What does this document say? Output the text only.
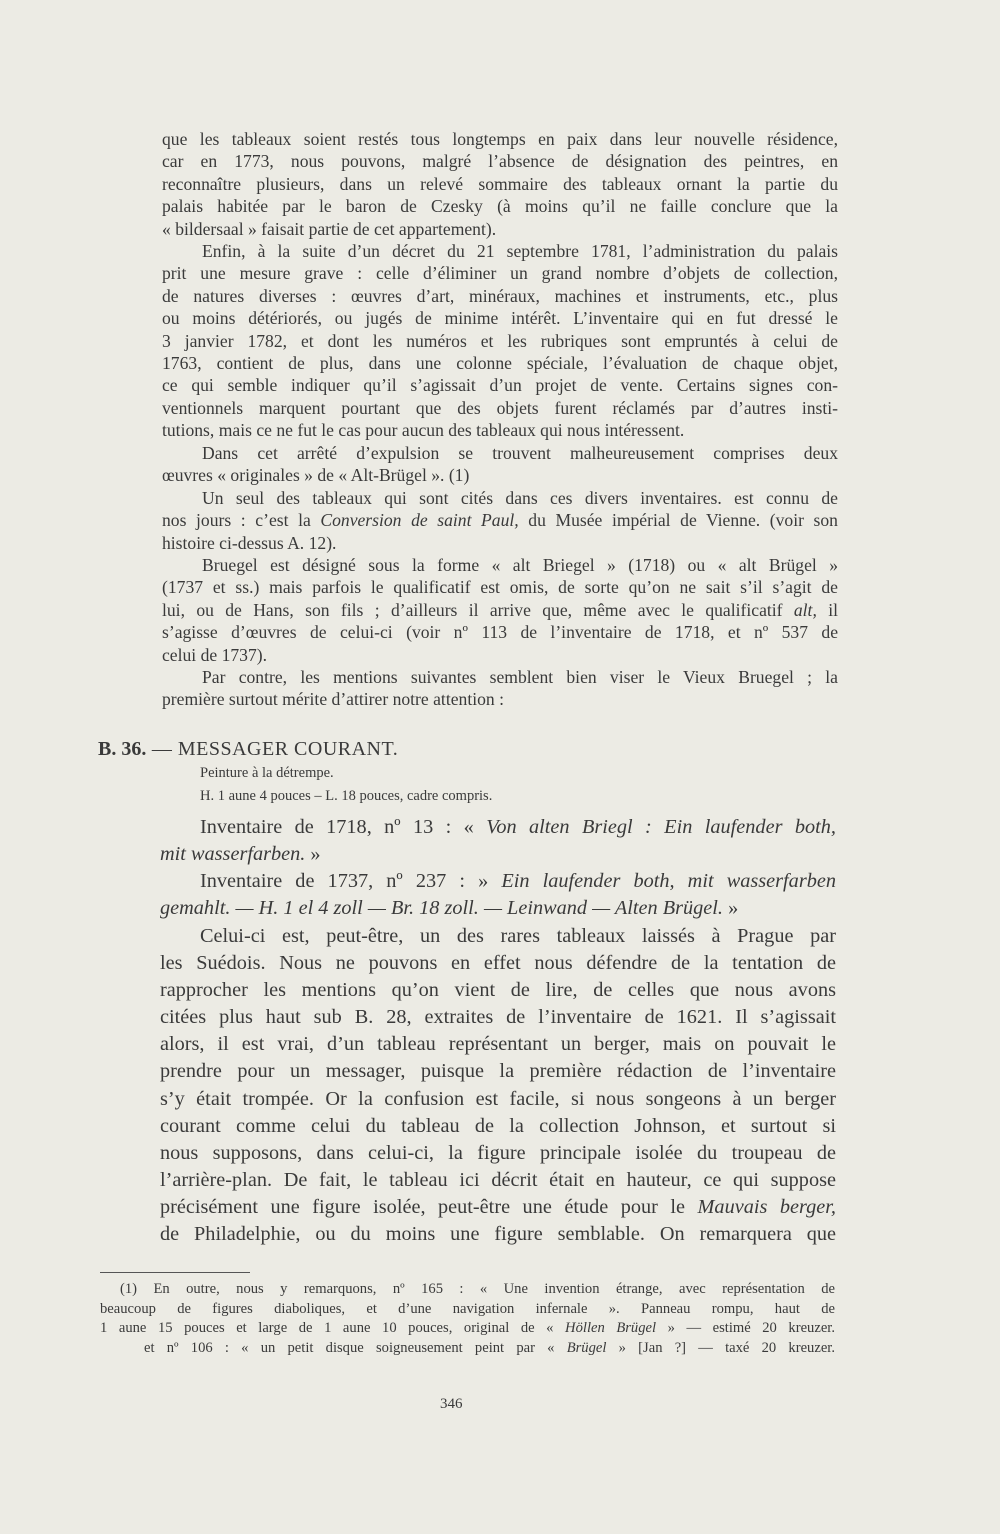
que les tableaux soient restés tous longtemps en paix dans leur nouvelle résidence,
car en 1773, nous pouvons, malgré l’absence de désignation des peintres, en
reconnaître plusieurs, dans un relevé sommaire des tableaux ornant la partie du
palais habitée par le baron de Czesky (à moins qu’il ne faille conclure que la
« bildersaal » faisait partie de cet appartement).
Enfin, à la suite d’un décret du 21 septembre 1781, l’administration du palais
prit une mesure grave : celle d’éliminer un grand nombre d’objets de collection,
de natures diverses : œuvres d’art, minéraux, machines et instruments, etc., plus
ou moins détériorés, ou jugés de minime intérêt. L’inventaire qui en fut dressé le
3 janvier 1782, et dont les numéros et les rubriques sont empruntés à celui de
1763, contient de plus, dans une colonne spéciale, l’évaluation de chaque objet,
ce qui semble indiquer qu’il s’agissait d’un projet de vente. Certains signes con-
ventionnels marquent pourtant que des objets furent réclamés par d’autres insti-
tutions, mais ce ne fut le cas pour aucun des tableaux qui nous intéressent.
Dans cet arrêté d’expulsion se trouvent malheureusement comprises deux
œuvres « originales » de « Alt-Brügel ». (1)
Un seul des tableaux qui sont cités dans ces divers inventaires. est connu de
nos jours : c’est la Conversion de saint Paul, du Musée impérial de Vienne. (voir son
histoire ci-dessus A. 12).
Bruegel est désigné sous la forme « alt Briegel » (1718) ou « alt Brügel »
(1737 et ss.) mais parfois le qualificatif est omis, de sorte qu’on ne sait s’il s’agit de
lui, ou de Hans, son fils ; d’ailleurs il arrive que, même avec le qualificatif alt, il
s’agisse d’œuvres de celui-ci (voir nº 113 de l’inventaire de 1718, et nº 537 de
celui de 1737).
Par contre, les mentions suivantes semblent bien viser le Vieux Bruegel ; la
première surtout mérite d’attirer notre attention :
B. 36. — MESSAGER COURANT.
Peinture à la détrempe.
H. 1 aune 4 pouces – L. 18 pouces, cadre compris.
Inventaire de 1718, nº 13 : « Von alten Briegl : Ein laufender both,
mit wasserfarben. »
Inventaire de 1737, nº 237 : » Ein laufender both, mit wasserfarben
gemahlt. — H. 1 el 4 zoll — Br. 18 zoll. — Leinwand — Alten Brügel. »
Celui-ci est, peut-être, un des rares tableaux laissés à Prague par
les Suédois. Nous ne pouvons en effet nous défendre de la tentation de
rapprocher les mentions qu’on vient de lire, de celles que nous avons
citées plus haut sub B. 28, extraites de l’inventaire de 1621. Il s’agissait
alors, il est vrai, d’un tableau représentant un berger, mais on pouvait le
prendre pour un messager, puisque la première rédaction de l’inventaire
s’y était trompée. Or la confusion est facile, si nous songeons à un berger
courant comme celui du tableau de la collection Johnson, et surtout si
nous supposons, dans celui-ci, la figure principale isolée du troupeau de
l’arrière-plan. De fait, le tableau ici décrit était en hauteur, ce qui suppose
précisément une figure isolée, peut-être une étude pour le Mauvais berger,
de Philadelphie, ou du moins une figure semblable. On remarquera que
(1) En outre, nous y remarquons, nº 165 : « Une invention étrange, avec représentation de
beaucoup de figures diaboliques, et d’une navigation infernale ». Panneau rompu, haut de
1 aune 15 pouces et large de 1 aune 10 pouces, original de « Höllen Brügel » — estimé 20 kreuzer.
et nº 106 : « un petit disque soigneusement peint par « Brügel » [Jan ?] — taxé 20 kreuzer.
346
